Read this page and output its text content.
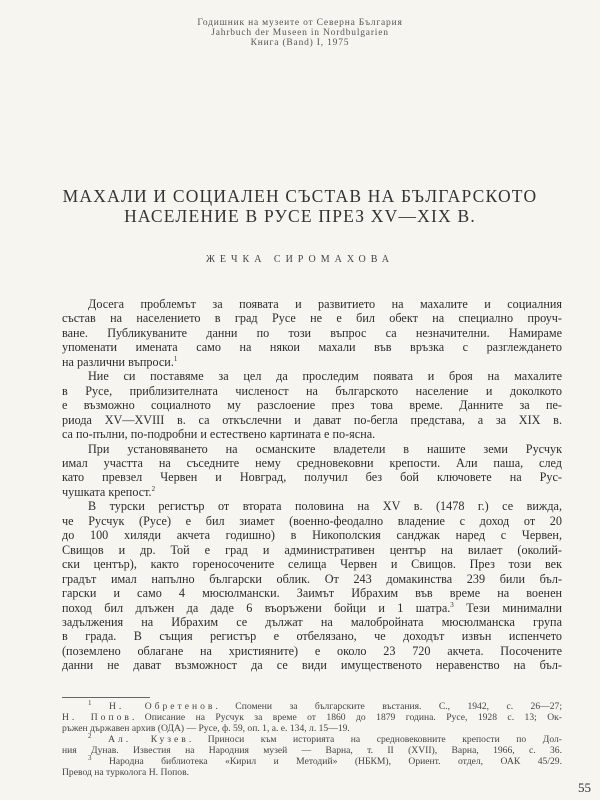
Годишник на музеите от Северна България
Jahrbuch der Museen in Nordbulgarien
Книга (Band) I, 1975
МАХАЛИ И СОЦИАЛЕН СЪСТАВ НА БЪЛГАРСКОТО
НАСЕЛЕНИЕ В РУСЕ ПРЕЗ XV—XIX В.
ЖЕЧКА СИРОМАХОВА
Досега проблемът за появата и развитието на махалите и социалния
състав на населението в град Русе не е бил обект на специално проуч-
ване. Публикуваните данни по този въпрос са незначителни. Намираме
упоменати имената само на някои махали във връзка с разглеждането
на различни въпроси.$^1$
Ние си поставяме за цел да проследим появата и броя на махалите
в Русе, приблизителната численост на българското население и доколкото
е възможно социалното му разслоение през това време. Данните за пе-
риода XV—XVIII в. са откъслечни и дават по-бегла представа, а за XIX в.
са по-пълни, по-подробни и естествено картината е по-ясна.
При установяването на османските владетели в нашите земи Русчук
имал участта на съседните нему средновековни крепости. Али паша, след
като превзел Червен и Новград, получил без бой ключовете на Рус-
чушката крепост.$^2$
В турски регистър от втората половина на XV в. (1478 г.) се вижда,
че Русчук (Русе) е бил зиамет (военно-феодално владение с доход от 20
до 100 хиляди акчета годишно) в Никополския санджак наред с Червен,
Свищов и др. Той е град и административен център на вилает (околий-
ски център), както гореносочените селища Червен и Свищов. През този век
градът имал напълно български облик. От 243 домакинства 239 били бъл-
гарски и само 4 мюсюлмански. Заимът Ибрахим във време на военен
поход бил длъжен да даде 6 въоръжени бойци и 1 шатра.$^3$ Тези минимални
задължения на Ибрахим се дължат на малобройната мюсюлманска група
в града. В същия регистър е отбелязано, че доходът извън испенчето
(поземлено облагане на християните) е около 23 720 акчета. Посочените
данни не дават възможност да се види имущественото неравенство на бъл-
$^1$ Н. Обретенов. Спомени за българските въстания. С., 1942, с. 26—27;
Н. Попов. Описание на Русчук за време от 1860 до 1879 година. Русе, 1928 с. 13; Ок-
ръжен държавен архив (ОДА) — Русе, ф. 59, оп. 1, а. е. 134, л. 15—19.
$^2$ Ал. Кузев. Приноси към историята на средновековните крепости по Дол-
ния Дунав. Известия на Народния музей — Варна, т. II (XVII), Варна, 1966, с. 36.
$^3$ Народна библиотека «Кирил и Методий» (НБКМ), Ориент. отдел, ОАК 45/29.
Превод на турколога Н. Попов.
55
